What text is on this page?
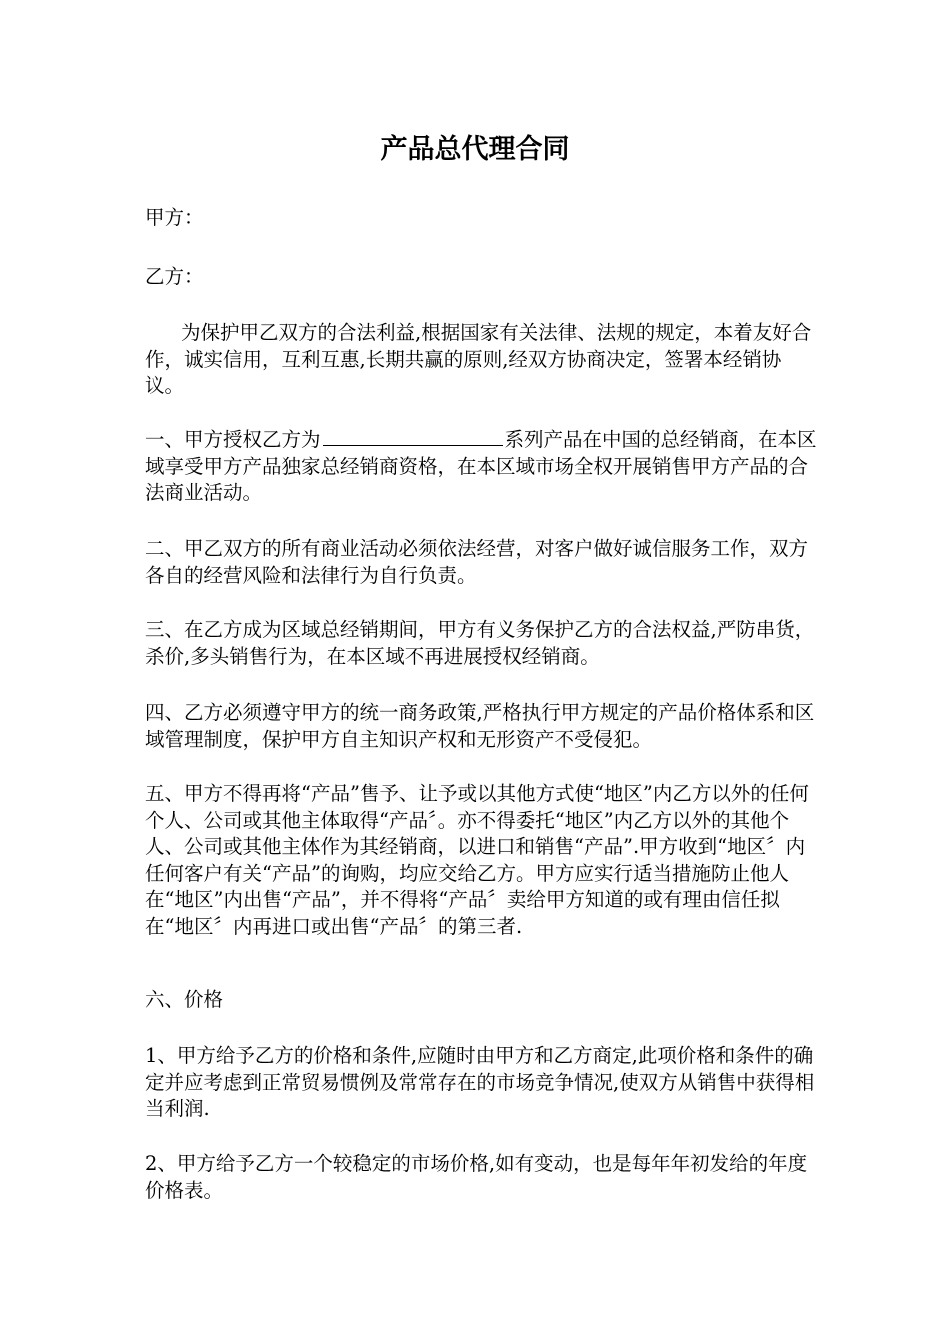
产品总代理合同

甲方：

乙方：

为保护甲乙双方的合法利益,根据国家有关法律、法规的规定，本着友好合作，诚实信用，互利互惠,长期共赢的原则,经双方协商决定，签署本经销协议。

一、甲方授权乙方为	系列产品在中国的总经销商，在本区域享受甲方产品独家总经销商资格，在本区域市场全权开展销售甲方产品的合法商业活动。

二、甲乙双方的所有商业活动必须依法经营，对客户做好诚信服务工作，双方各自的经营风险和法律行为自行负责。

三、在乙方成为区域总经销期间，甲方有义务保护乙方的合法权益,严防串货，杀价,多头销售行为，在本区域不再进展授权经销商。

四、乙方必须遵守甲方的统一商务政策,严格执行甲方规定的产品价格体系和区域管理制度，保护甲方自主知识产权和无形资产不受侵犯。

五、甲方不得再将“产品”售予、让予或以其他方式使“地区”内乙方以外的任何个人、公司或其他主体取得“产品〞。亦不得委托“地区”内乙方以外的其他个人、公司或其他主体作为其经销商，以进口和销售“产品”.甲方收到“地区〞内任何客户有关“产品”的询购，均应交给乙方。甲方应实行适当措施防止他人在“地区”内出售“产品”，并不得将“产品〞卖给甲方知道的或有理由信任拟在“地区〞内再进口或出售“产品〞的第三者.

六、价格

1、甲方给予乙方的价格和条件,应随时由甲方和乙方商定,此项价格和条件的确定并应考虑到正常贸易惯例及常常存在的市场竞争情况,使双方从销售中获得相当利润.

2、甲方给予乙方一个较稳定的市场价格,如有变动，也是每年年初发给的年度价格表。
